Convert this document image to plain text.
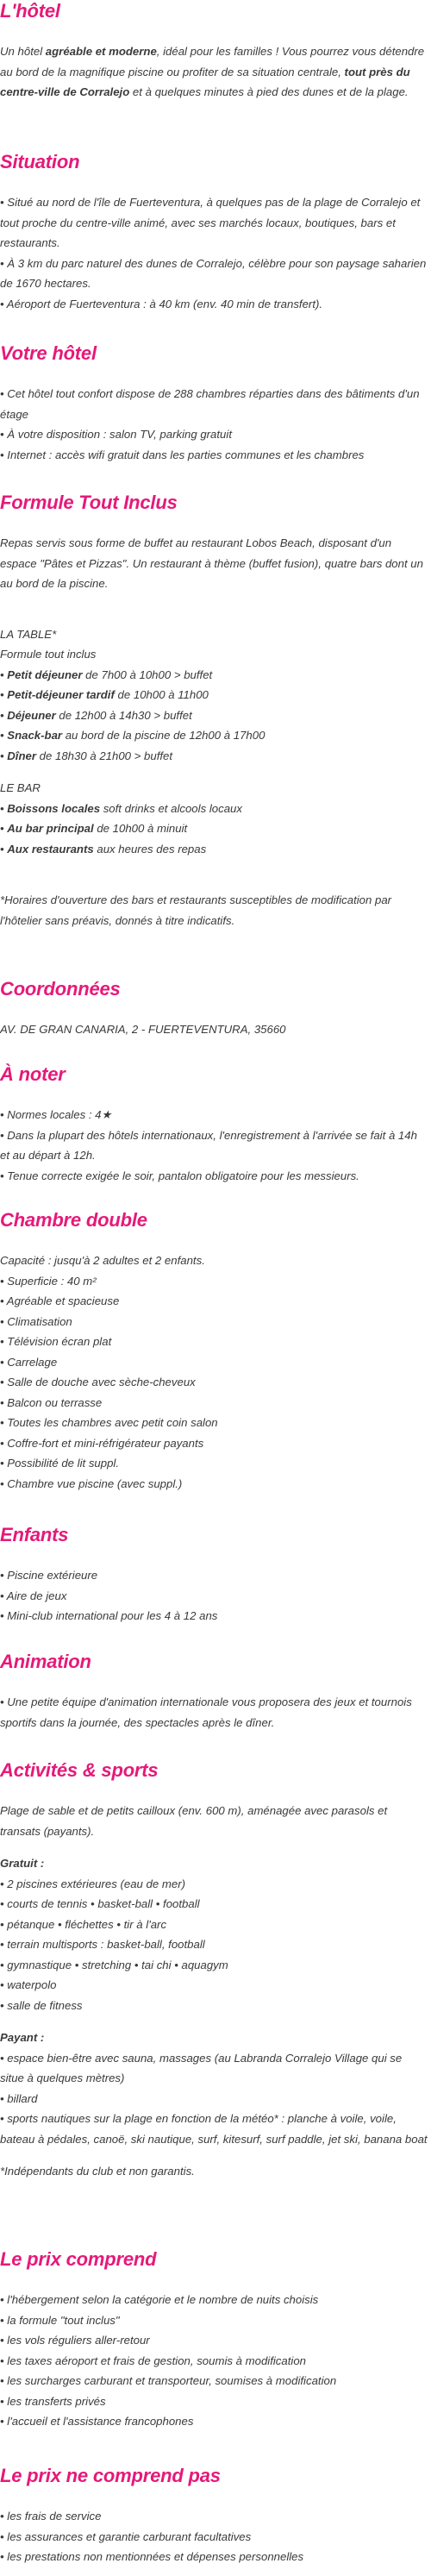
L'hôtel

Un hôtel agréable et moderne, idéal pour les familles ! Vous pourrez vous détendre au bord de la magnifique piscine ou profiter de sa situation centrale, tout près du centre-ville de Corralejo et à quelques minutes à pied des dunes et de la plage.

Situation

• Situé au nord de l'île de Fuerteventura, à quelques pas de la plage de Corralejo et tout proche du centre-ville animé, avec ses marchés locaux, boutiques, bars et restaurants.

• À 3 km du parc naturel des dunes de Corralejo, célèbre pour son paysage saharien de 1670 hectares.

• Aéroport de Fuerteventura : à 40 km (env. 40 min de transfert).

Votre hôtel

• Cet hôtel tout confort dispose de 288 chambres réparties dans des bâtiments d'un étage

• À votre disposition : salon TV, parking gratuit

• Internet : accès wifi gratuit dans les parties communes et les chambres

Formule Tout Inclus

Repas servis sous forme de buffet au restaurant Lobos Beach, disposant d'un espace "Pâtes et Pizzas". Un restaurant à thème (buffet fusion), quatre bars dont un au bord de la piscine.

LA TABLE*

Formule tout inclus

• Petit déjeuner de 7h00 à 10h00 > buffet

• Petit-déjeuner tardif de 10h00 à 11h00

• Déjeuner de 12h00 à 14h30 > buffet

• Snack-bar au bord de la piscine de 12h00 à 17h00

• Dîner de 18h30 à 21h00 > buffet

LE BAR

• Boissons locales soft drinks et alcools locaux

• Au bar principal de 10h00 à minuit

• Aux restaurants aux heures des repas

*Horaires d'ouverture des bars et restaurants susceptibles de modification par l'hôtelier sans préavis, donnés à titre indicatifs.

Coordonnées

AV. DE GRAN CANARIA, 2 - FUERTEVENTURA, 35660

À noter

• Normes locales : 4★

• Dans la plupart des hôtels internationaux, l'enregistrement à l'arrivée se fait à 14h et au départ à 12h.

• Tenue correcte exigée le soir, pantalon obligatoire pour les messieurs.

Chambre double

Capacité : jusqu'à 2 adultes et 2 enfants.

• Superficie : 40 m²

• Agréable et spacieuse

• Climatisation

• Télévision écran plat

• Carrelage

• Salle de douche avec sèche-cheveux

• Balcon ou terrasse

• Toutes les chambres avec petit coin salon

• Coffre-fort et mini-réfrigérateur payants

• Possibilité de lit suppl.

• Chambre vue piscine (avec suppl.)

Enfants

• Piscine extérieure

• Aire de jeux

• Mini-club international pour les 4 à 12 ans

Animation

• Une petite équipe d'animation internationale vous proposera des jeux et tournois sportifs dans la journée, des spectacles après le dîner.

Activités & sports

Plage de sable et de petits cailloux (env. 600 m), aménagée avec parasols et transats (payants).

Gratuit :

• 2 piscines extérieures (eau de mer)

• courts de tennis • basket-ball • football

• pétanque • fléchettes • tir à l'arc

• terrain multisports : basket-ball, football

• gymnastique • stretching • tai chi • aquagym

• waterpolo

• salle de fitness

Payant :

• espace bien-être avec sauna, massages (au Labranda Corralejo Village qui se situe à quelques mètres)

• billard

• sports nautiques sur la plage en fonction de la météo* : planche à voile, voile, bateau à pédales, canoë, ski nautique, surf, kitesurf, surf paddle, jet ski, banana boat

*Indépendants du club et non garantis.

Le prix comprend

• l'hébergement selon la catégorie et le nombre de nuits choisis

• la formule "tout inclus"

• les vols réguliers aller-retour

• les taxes aéroport et frais de gestion, soumis à modification

• les surcharges carburant et transporteur, soumises à modification

• les transferts privés

• l'accueil et l'assistance francophones

Le prix ne comprend pas

• les frais de service

• les assurances et garantie carburant facultatives

• les prestations non mentionnées et dépenses personnelles
